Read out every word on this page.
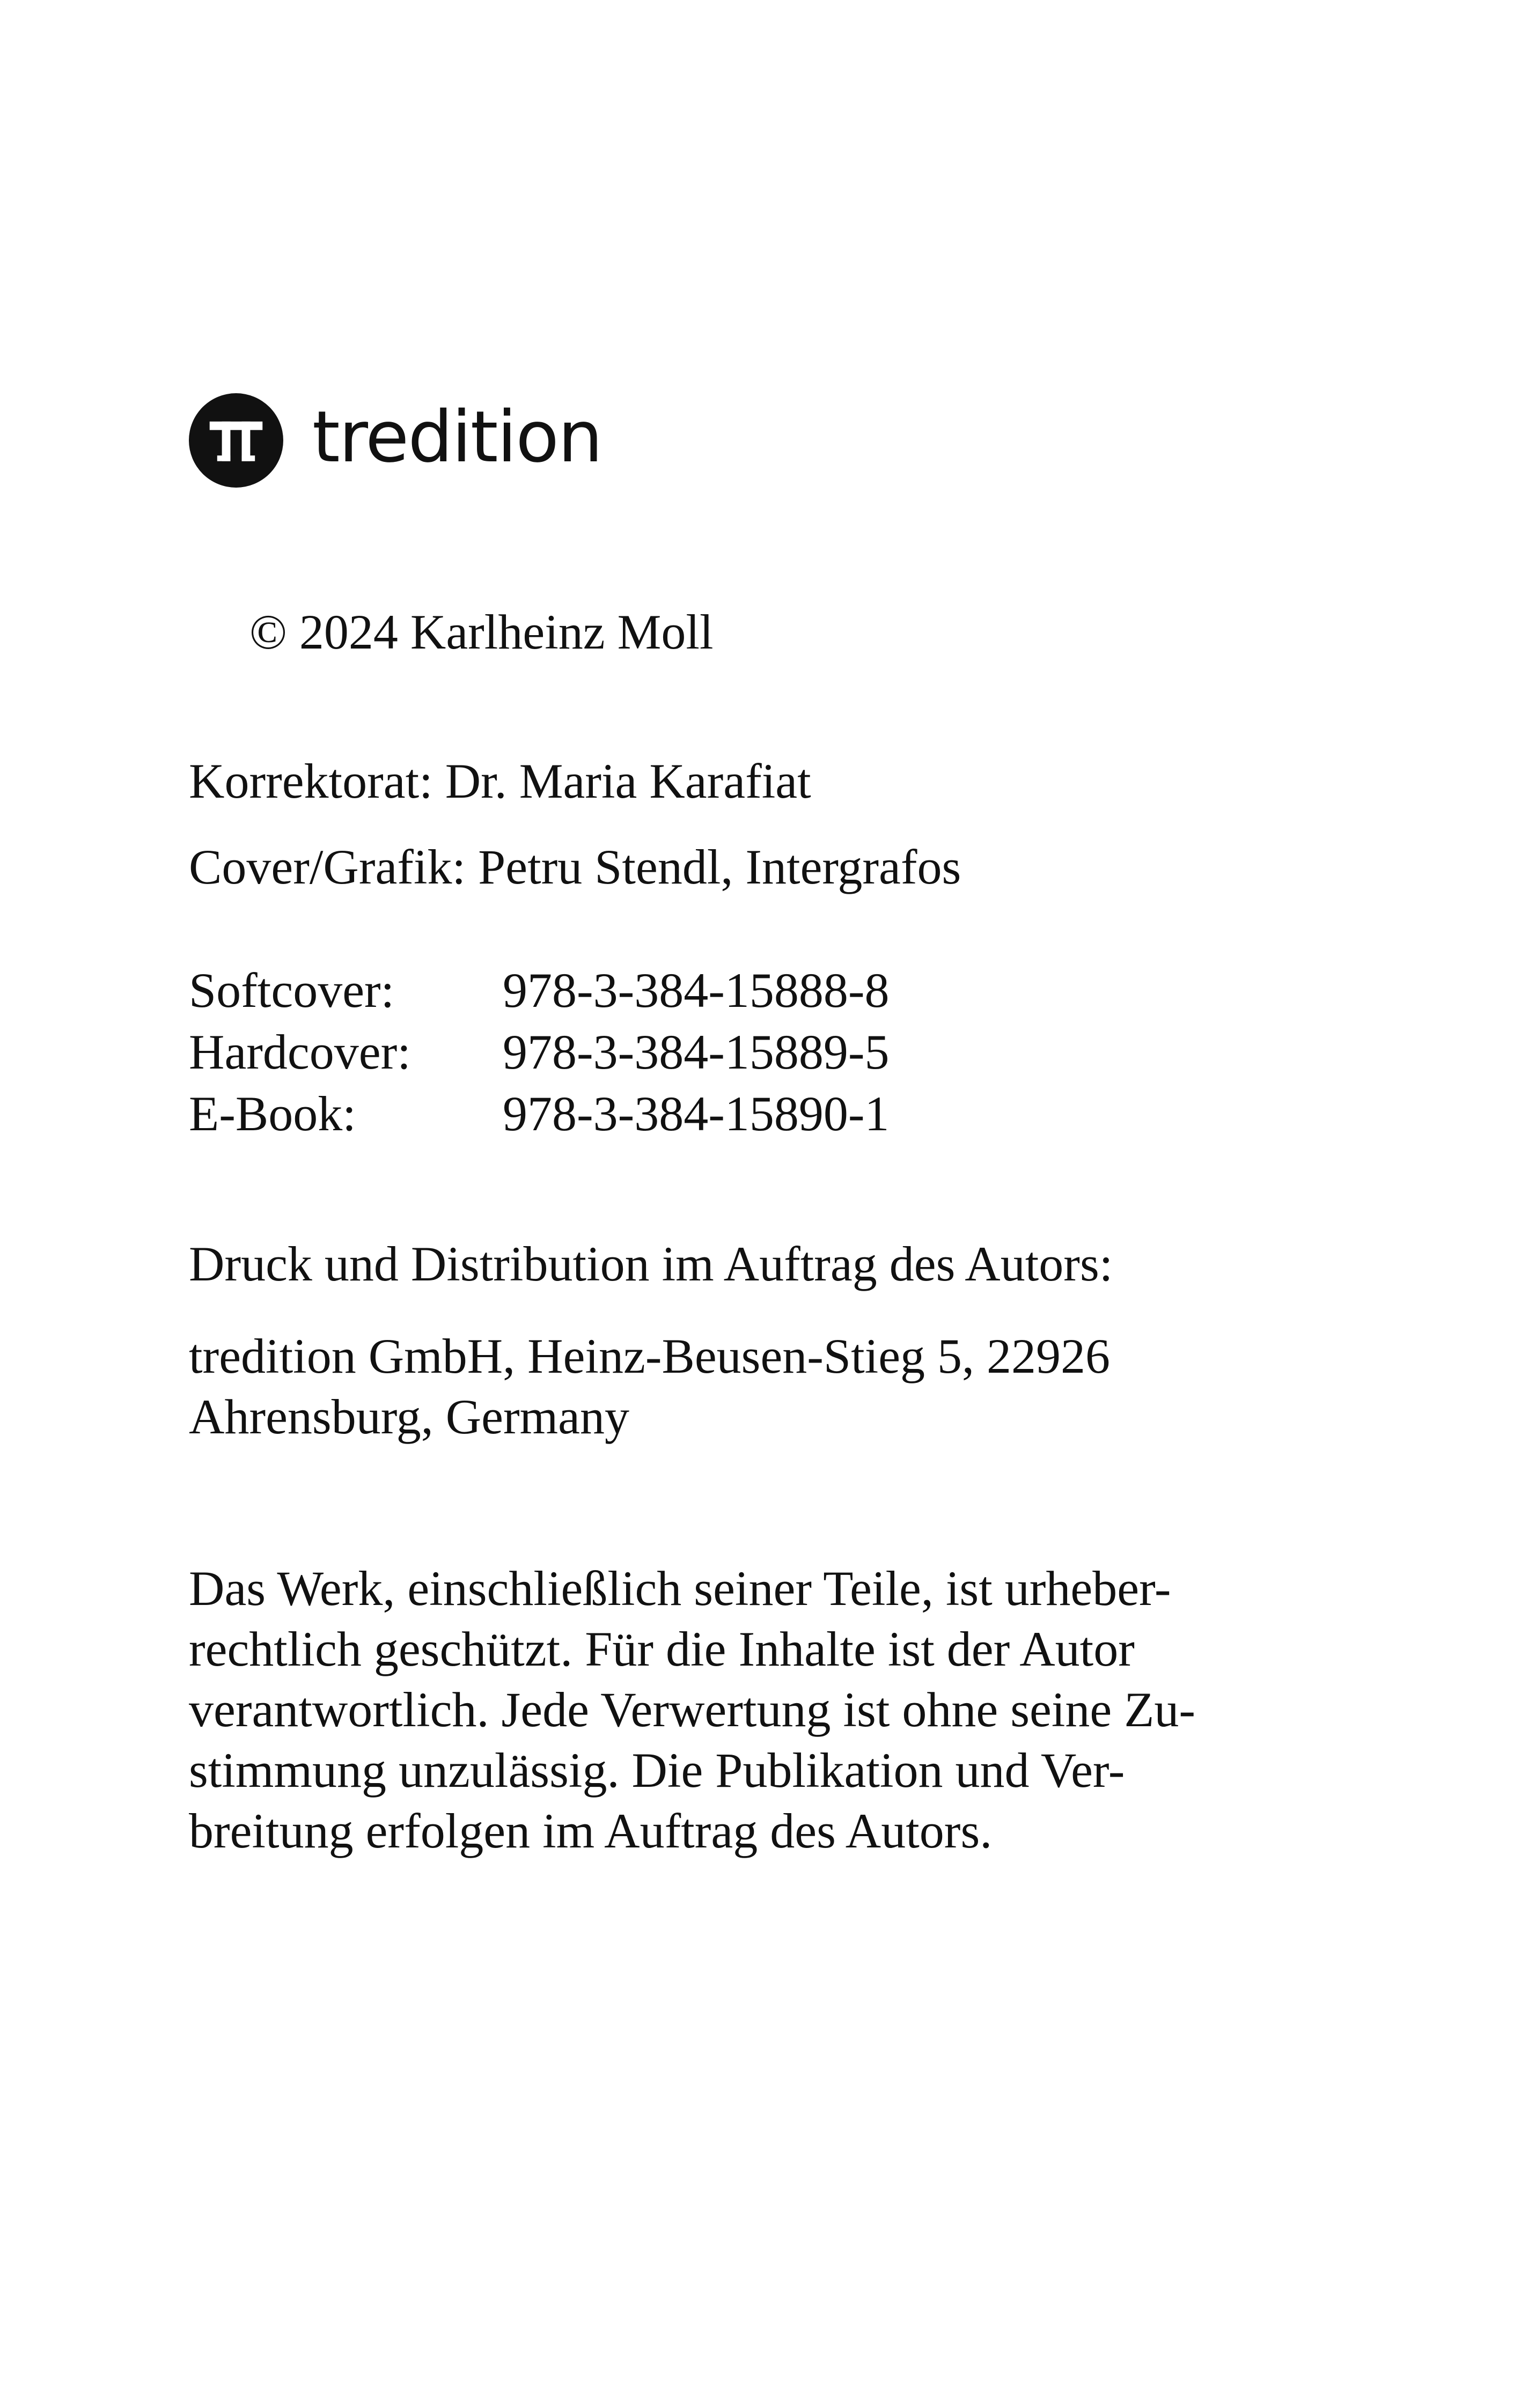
tredition
© 2024 Karlheinz Moll
Korrektorat: Dr. Maria Karafiat
Cover/Grafik: Petru Stendl, Intergrafos
Softcover: 978-3-384-15888-8
Hardcover: 978-3-384-15889-5
E-Book:	978-3-384-15890-1
Druck und Distribution im Auftrag des Autors:
tredition GmbH, Heinz-Beusen-Stieg 5, 22926
Ahrensburg, Germany
Das Werk, einschließlich seiner Teile, ist urheber-
rechtlich geschützt. Für die Inhalte ist der Autor
verantwortlich. Jede Verwertung ist ohne seine Zu-
stimmung unzulässig. Die Publikation und Ver-
breitung erfolgen im Auftrag des Autors.
